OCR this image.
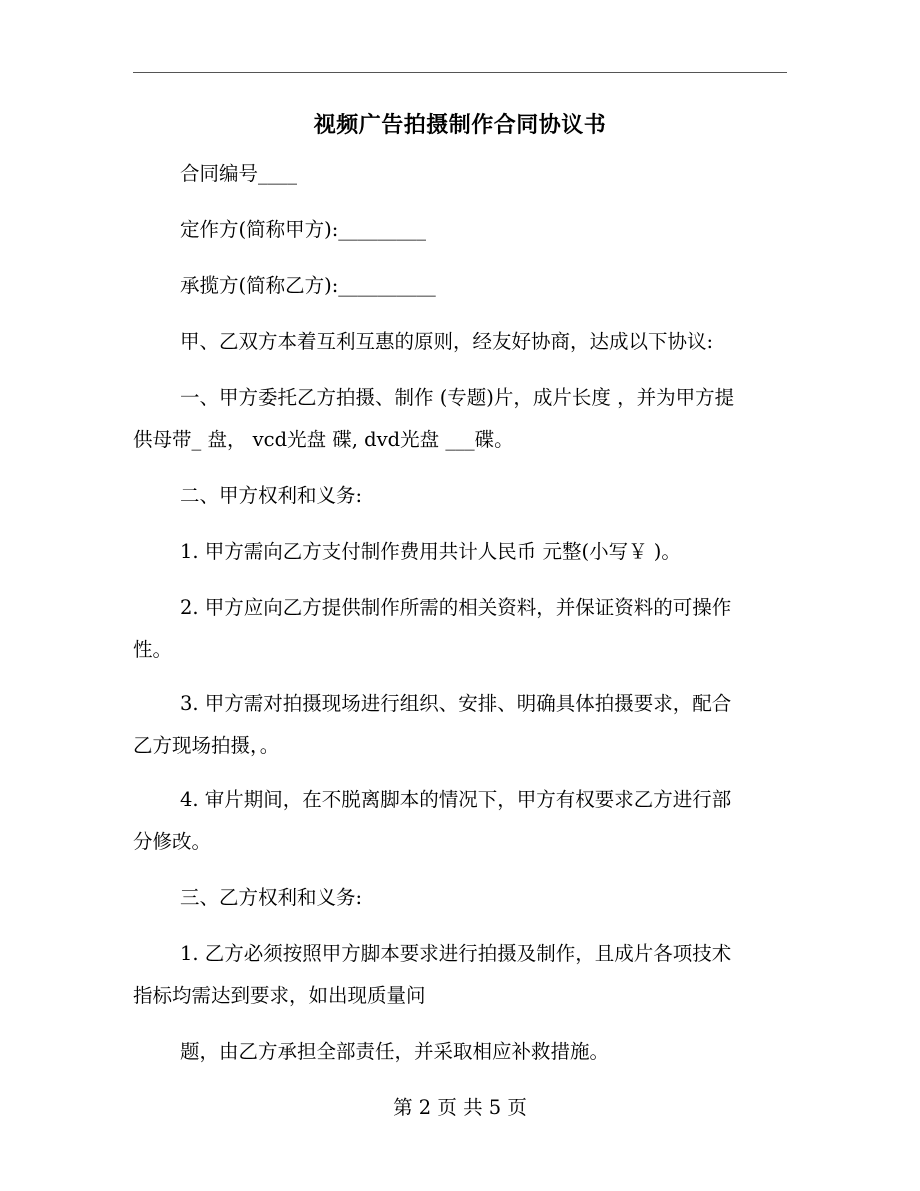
视频广告拍摄制作合同协议书
合同编号____
定作方(简称甲方):_________
承揽方(简称乙方):__________
甲、乙双方本着互利互惠的原则，经友好协商，达成以下协议:
一、甲方委托乙方拍摄、制作 (专题)片，成片长度 ，并为甲方提
供母带_ 盘， vcd光盘 碟, dvd光盘 ___碟。
二、甲方权利和义务:
1. 甲方需向乙方支付制作费用共计人民币 元整(小写￥ )。
2. 甲方应向乙方提供制作所需的相关资料，并保证资料的可操作
性。
3. 甲方需对拍摄现场进行组织、安排、明确具体拍摄要求，配合
乙方现场拍摄，。
4. 审片期间，在不脱离脚本的情况下，甲方有权要求乙方进行部
分修改。
三、乙方权利和义务:
1. 乙方必须按照甲方脚本要求进行拍摄及制作，且成片各项技术
指标均需达到要求，如出现质量问
题，由乙方承担全部责任，并采取相应补救措施。
第 2 页 共 5 页
